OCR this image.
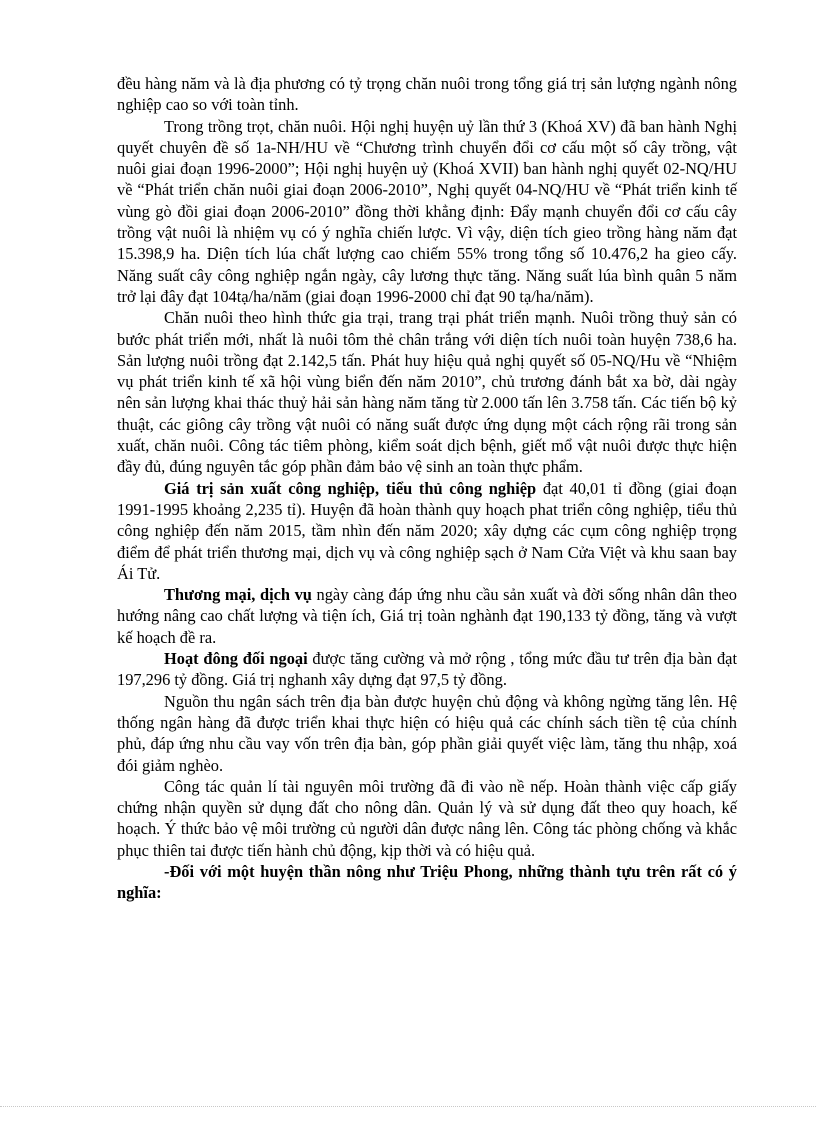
đều hàng năm và là địa phương có tỷ trọng chăn nuôi trong tổng giá trị sản lượng ngành nông nghiệp cao so với toàn tỉnh.

Trong trồng trọt, chăn nuôi. Hội nghị huyện uỷ lần thứ 3 (Khoá XV) đã ban hành Nghị quyết chuyên đề số 1a-NH/HU về “Chương trình chuyển đổi cơ cấu một số cây trồng, vật nuôi giai đoạn 1996-2000”; Hội nghị huyện uỷ (Khoá XVII) ban hành nghị quyết 02-NQ/HU về “Phát triển chăn nuôi giai đoạn 2006-2010”, Nghị quyết 04-NQ/HU về “Phát triển kinh tế vùng gò đồi giai đoạn 2006-2010” đồng thời khẳng định: Đẩy mạnh chuyển đổi cơ cấu cây trồng vật nuôi là nhiệm vụ có ý nghĩa chiến lược. Vì vậy, diện tích gieo trồng hàng năm đạt 15.398,9 ha. Diện tích lúa chất lượng cao chiếm 55% trong tổng số 10.476,2 ha gieo cấy. Năng suất cây công nghiệp ngắn ngày, cây lương thực tăng. Năng suất lúa bình quân 5 năm trở lại đây đạt 104tạ/ha/năm (giai đoạn 1996-2000 chỉ đạt 90 tạ/ha/năm).

Chăn nuôi theo hình thức gia trại, trang trại phát triển mạnh. Nuôi trồng thuỷ sản có bước phát triển mới, nhất là nuôi tôm thẻ chân trắng với diện tích nuôi toàn huyện 738,6 ha. Sản lượng nuôi trồng đạt 2.142,5 tấn. Phát huy hiệu quả nghị quyết số 05-NQ/Hu về “Nhiệm vụ phát triển kinh tế xã hội vùng biển đến năm 2010”, chủ trương đánh bắt xa bờ, dài ngày nên sản lượng khai thác thuỷ hải sản hàng năm tăng từ 2.000 tấn lên 3.758 tấn. Các tiến bộ kỷ thuật, các giông cây trồng vật nuôi có năng suất được ứng dụng một cách rộng rãi trong sản xuất, chăn nuôi. Công tác tiêm phòng, kiểm soát dịch bệnh, giết mổ vật nuôi được thực hiện đầy đủ, đúng nguyên tắc góp phần đảm bảo vệ sinh an toàn thực phẩm.

Giá trị sản xuất công nghiệp, tiểu thủ công nghiệp đạt 40,01 tỉ đồng (giai đoạn 1991-1995 khoảng 2,235 tỉ). Huyện đã hoàn thành quy hoạch phat triển công nghiệp, tiểu thủ công nghiệp đến năm 2015, tầm nhìn đến năm 2020; xây dựng các cụm công nghiệp trọng điểm để phát triển thương mại, dịch vụ và công nghiệp sạch ở Nam Cửa Việt và khu saan bay Ái Tử.

Thương mại, dịch vụ ngày càng đáp ứng nhu cầu sản xuất và đời sống nhân dân theo hướng nâng cao chất lượng và tiện ích, Giá trị toàn nghành đạt 190,133 tỷ đồng, tăng và vượt kế hoạch đề ra.

Hoạt đông đối ngoại được tăng cường và mở rộng , tổng mức đầu tư trên địa bàn đạt 197,296 tỷ đồng. Giá trị nghanh xây dựng đạt 97,5 tỷ đồng.

Nguồn thu ngân sách trên địa bàn được huyện chủ động và không ngừng tăng lên. Hệ thống ngân hàng đã được triển khai thực hiện có hiệu quả các chính sách tiền tệ của chính phủ, đáp ứng nhu cầu vay vốn trên địa bàn, góp phần giải quyết việc làm, tăng thu nhập, xoá đói giảm nghèo.

Công tác quản lí tài nguyên môi trường đã đi vào nề nếp. Hoàn thành việc cấp giấy chứng nhận quyền sử dụng đất cho nông dân. Quản lý và sử dụng đất theo quy hoach, kế hoạch. Ý thức bảo vệ môi trường củ người dân được nâng lên. Công tác phòng chống và khắc phục thiên tai được tiến hành chủ động, kịp thời và có hiệu quả.

-Đối với một huyện thần nông như Triệu Phong, những thành tựu trên rất có ý nghĩa:
